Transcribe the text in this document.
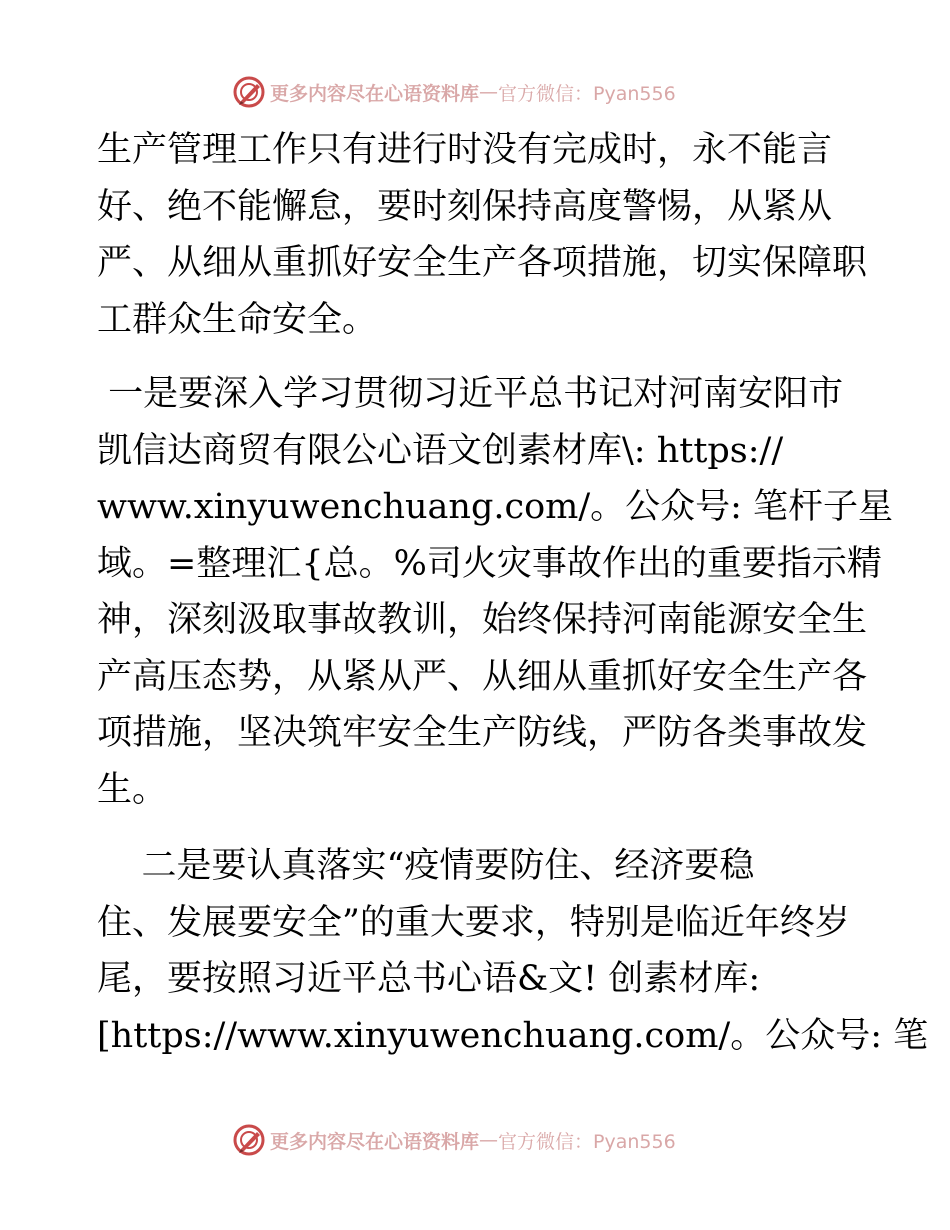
更多内容尽在心语资料库 — 官方微信：Pyan556
生产管理工作只有进行时没有完成时，永不能言
好、绝不能懈怠，要时刻保持高度警惕，从紧从
严、从细从重抓好安全生产各项措施，切实保障职
工群众生命安全。
一是要深入学习贯彻习近平总书记对河南安阳市
凯信达商贸有限公心语文创素材库\: https://
www.xinyuwenchuang.com/。公众号: 笔杆子星
域。=整理汇{总。%司火灾事故作出的重要指示精
神，深刻汲取事故教训，始终保持河南能源安全生
产高压态势，从紧从严、从细从重抓好安全生产各
项措施，坚决筑牢安全生产防线，严防各类事故发
生。
二是要认真落实“疫情要防住、经济要稳
住、发展要安全”的重大要求，特别是临近年终岁
尾，要按照习近平总书心语&文! 创素材库:
[https://www.xinyuwenchuang.com/。公众号: 笔
更多内容尽在心语资料库 — 官方微信：Pyan556
